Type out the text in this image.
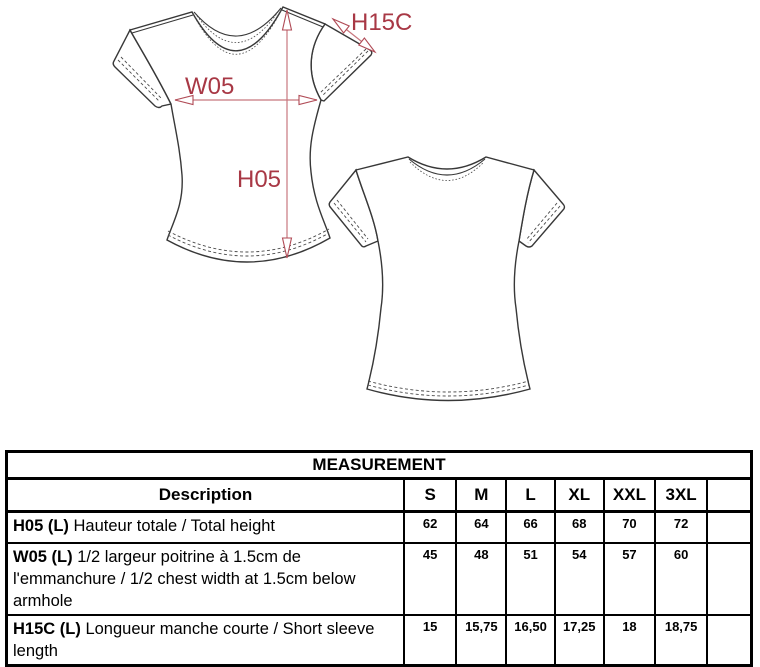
W05
H05
H15C
MEASUREMENT							
Description	S	M	L	XL	XXL	3XL	
H05 (L) Hauteur totale / Total height	62	64	66	68	70	72	
W05 (L) 1/2 largeur poitrine à 1.5cm de l'emmanchure / 1/2 chest width at 1.5cm below armhole	45	48	51	54	57	60	
H15C (L) Longueur manche courte / Short sleeve length	15	15,75	16,50	17,25	18	18,75	
